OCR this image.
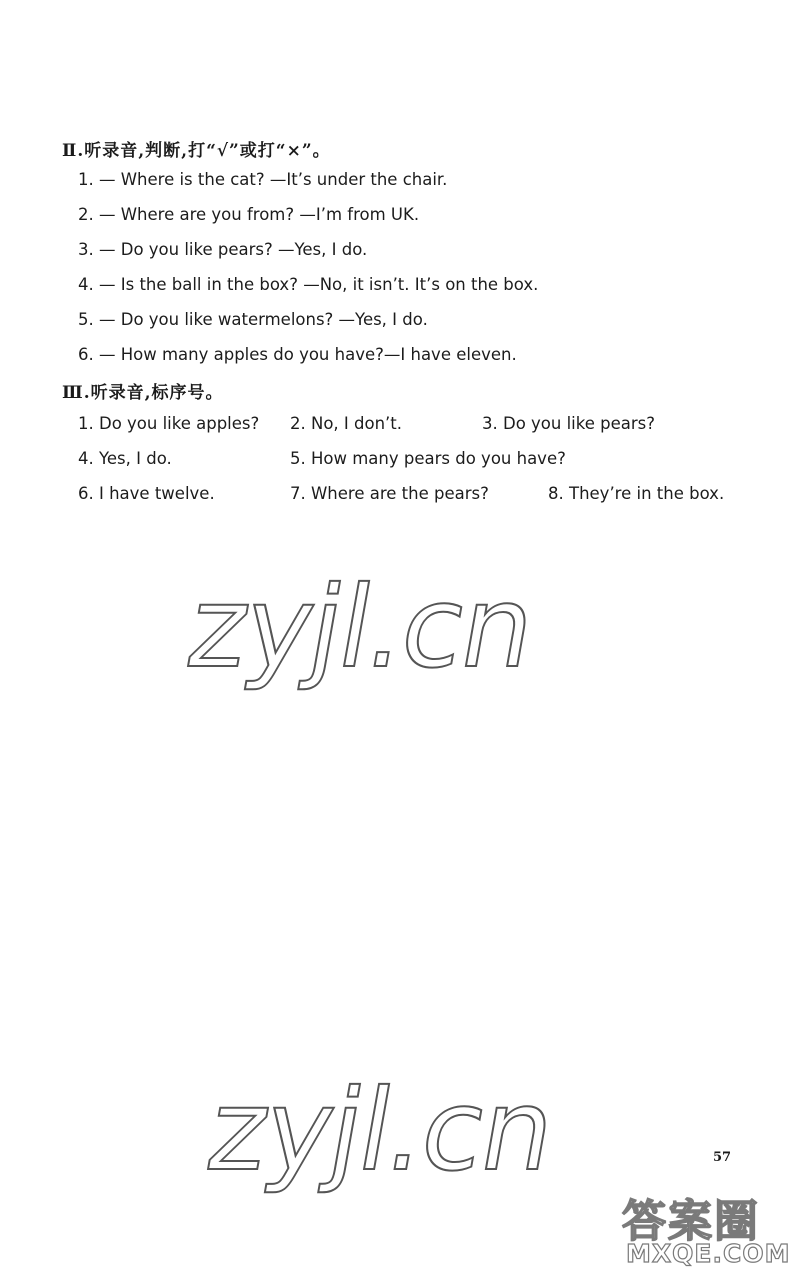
Ⅱ.听录音,判断,打“√”或打“×”。
1. — Where is the cat? —It’s under the chair.
2. — Where are you from? —I’m from UK.
3. — Do you like pears? —Yes, I do.
4. — Is the ball in the box? —No, it isn’t. It’s on the box.
5. — Do you like watermelons? —Yes, I do.
6. — How many apples do you have?—I have eleven.
Ⅲ.听录音,标序号。
1. Do you like apples? 2. No, I don’t.	3. Do you like pears?
4. Yes, I do.	5. How many pears do you have?
6. I have twelve.	7. Where are the pears?	8. They’re in the box.
zyjl.cn
zyjl.cn	57
答案圈
MXQE.COM
